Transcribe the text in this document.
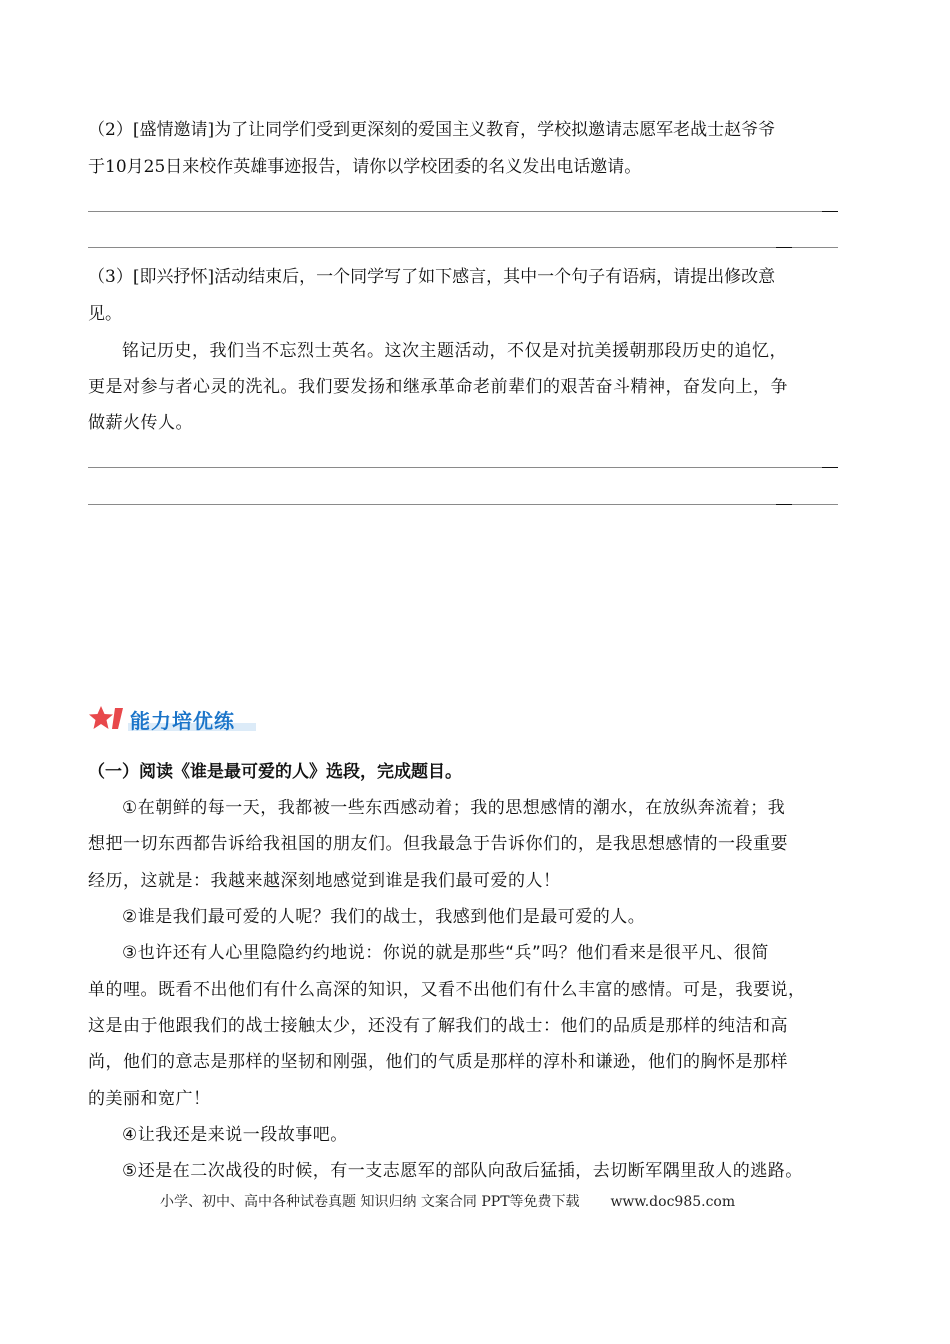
（2）[盛情邀请]为了让同学们受到更深刻的爱国主义教育，学校拟邀请志愿军老战士赵爷爷
于10月25日来校作英雄事迹报告，请你以学校团委的名义发出电话邀请。
（3）[即兴抒怀]活动结束后，一个同学写了如下感言，其中一个句子有语病，请提出修改意
见。
铭记历史，我们当不忘烈士英名。这次主题活动，不仅是对抗美援朝那段历史的追忆，
更是对参与者心灵的洗礼。我们要发扬和继承革命老前辈们的艰苦奋斗精神，奋发向上，争
做薪火传人。
能力培优练
（一）阅读《谁是最可爱的人》选段，完成题目。
①在朝鲜的每一天，我都被一些东西感动着；我的思想感情的潮水，在放纵奔流着；我
想把一切东西都告诉给我祖国的朋友们。但我最急于告诉你们的，是我思想感情的一段重要
经历，这就是：我越来越深刻地感觉到谁是我们最可爱的人！
②谁是我们最可爱的人呢？我们的战士，我感到他们是最可爱的人。
③也许还有人心里隐隐约约地说：你说的就是那些“兵”吗？他们看来是很平凡、很简
单的哩。既看不出他们有什么高深的知识，又看不出他们有什么丰富的感情。可是，我要说，
这是由于他跟我们的战士接触太少，还没有了解我们的战士：他们的品质是那样的纯洁和高
尚，他们的意志是那样的坚韧和刚强，他们的气质是那样的淳朴和谦逊，他们的胸怀是那样
的美丽和宽广！
④让我还是来说一段故事吧。
⑤还是在二次战役的时候，有一支志愿军的部队向敌后猛插，去切断军隅里敌人的逃路。
小学、初中、高中各种试卷真题 知识归纳 文案合同 PPT等免费下载 www.doc985.com
